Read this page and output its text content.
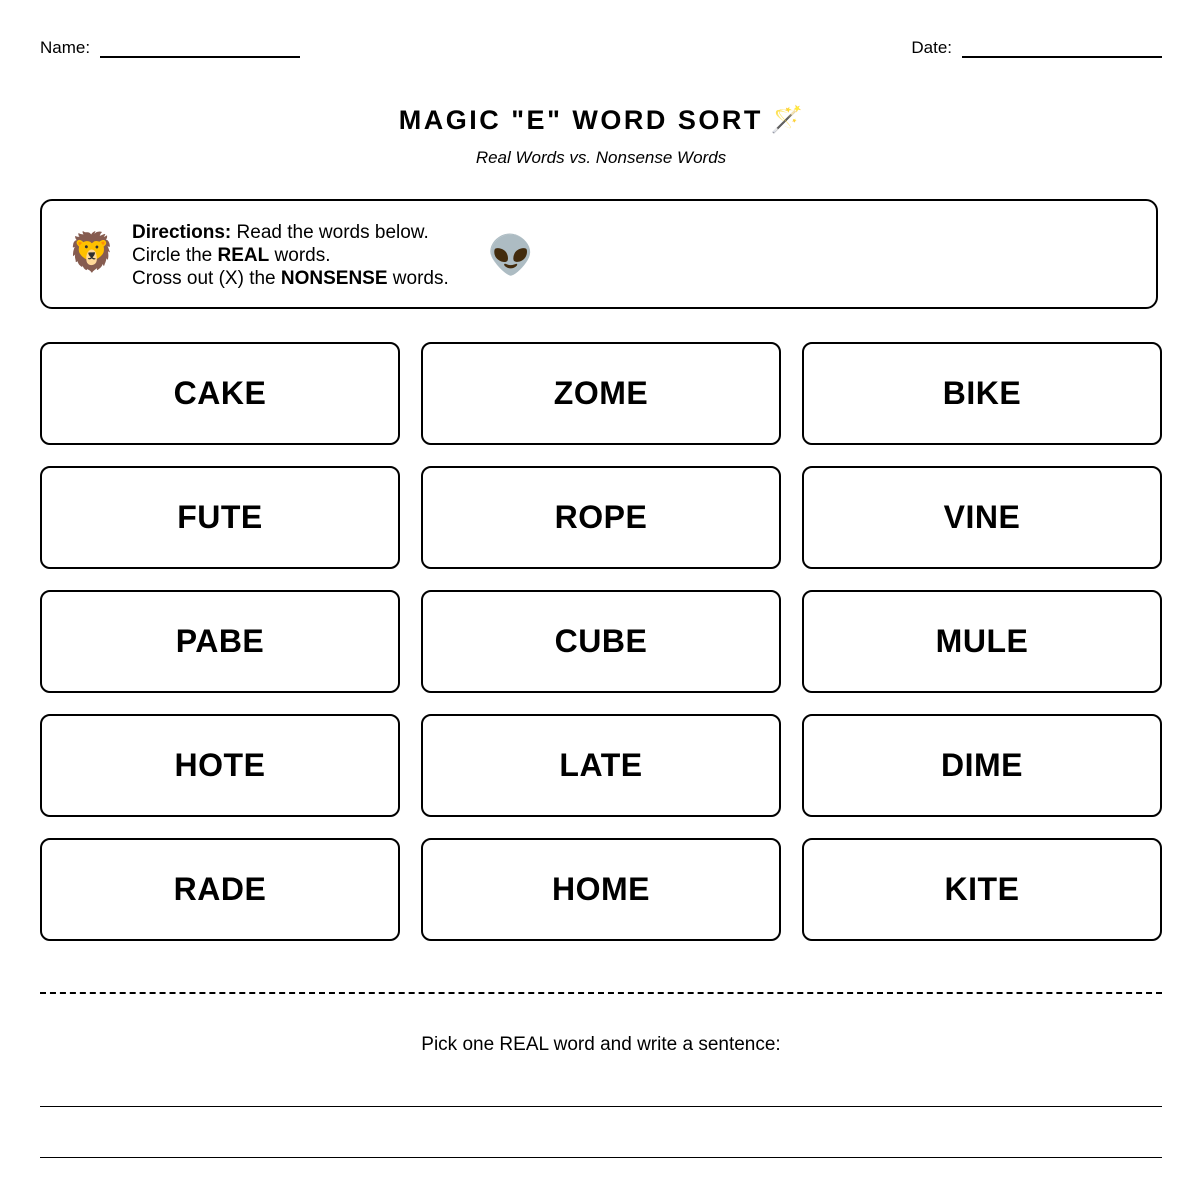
Name:	Date:
MAGIC "E" WORD SORT 🪄
Real Words vs. Nonsense Words
🦁 Directions: Read the words below.
Circle the REAL words.
Cross out (X) the NONSENSE words.
👽
CAKE	ZOME	BIKE
FUTE	ROPE	VINE
PABE	CUBE	MULE
HOTE	LATE	DIME
RADE	HOME	KITE
Pick one REAL word and write a sentence:
